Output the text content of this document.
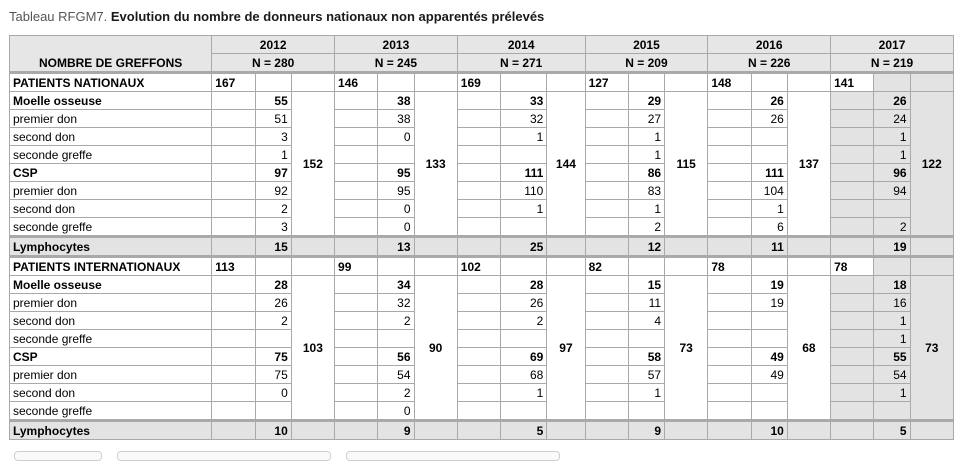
Tableau RFGM7. Evolution du nombre de donneurs nationaux non apparentés prélevés
NOMBRE DE GREFFONS	2012			2013			2014			2015			2016			2017		
	N = 280			N = 245			N = 271			N = 209			N = 226			N = 219		
PATIENTS NATIONAUX	167			146			169			127			148			141		
Moelle osseuse		55	152		38	133		33	144		29	115		26	137		26	122
premier don		51			38			32			27			26			24	
second don		3			0			1			1						1	
seconde greffe		1									1						1	
CSP		97			95			111			86			111			96	
premier don		92			95			110			83			104			94	
second don		2			0			1			1			1				
seconde greffe		3			0						2			6			2	
Lymphocytes		15			13			25			12			11			19	
PATIENTS INTERNATIONAUX	113			99			102			82			78			78		
Moelle osseuse		28	103		34	90		28	97		15	73		19	68		18	73
premier don		26			32			26			11			19			16	
second don		2			2			2			4						1	
seconde greffe																	1	
CSP		75			56			69			58			49			55	
premier don		75			54			68			57			49			54	
second don		0			2			1			1						1	
seconde greffe					0													
Lymphocytes		10			9			5			9			10			5	
